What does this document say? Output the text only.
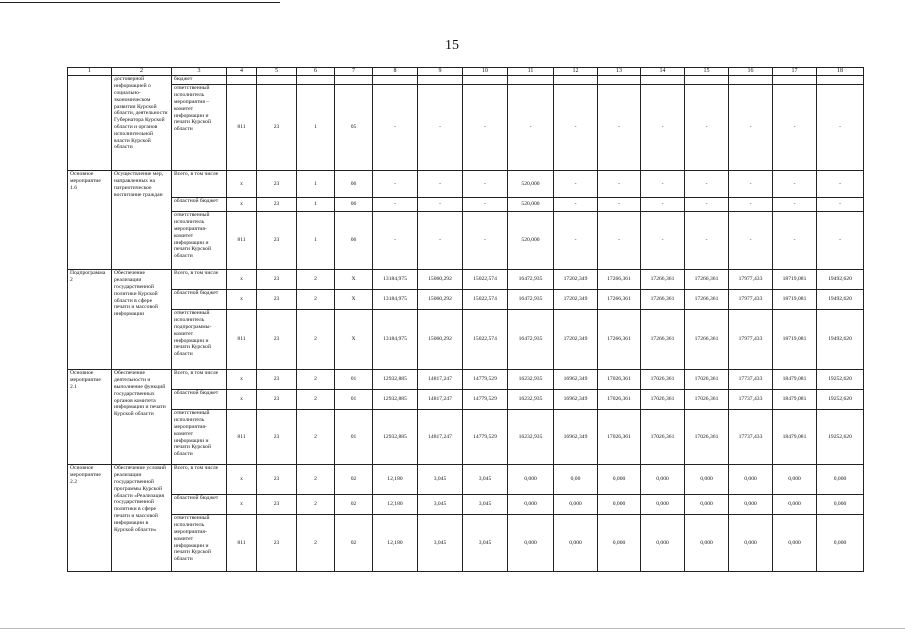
15
1	2	3	4	5	6	7	8	9	10	11	12	13	14	15	16	17	18
	достоверной информацией о социально-экономическом развитии Курской области, деятельности Губернатора Курской области и органов исполнительной власти Курской области	бюджет															
		ответственный исполнитель мероприятия – комитет информации и печати Курской области	811	23	1	05	-	-	-	-	-	-	-	-	-	-	-
Основное мероприятие 1.6	Осуществление мер, направленных на патриотическое воспитание граждан	Всего, в том числе	х	23	1	06	-	-	-	520,000	-	-	-	-	-	-	-
		областной бюджет	х	23	1	06	-	-	-	520,000	-	-	-	-	-	-	-
		ответственный исполнитель мероприятия-комитет информации и печати Курской области	811	23	1	06	-	-	-	520,000	-	-	-	-	-	-	-
Подпрограмма 2	Обеспечение реализации государственной политики Курской области в сфере печати и массовой информации	Всего, в том числе	х	23	2	Х	13184,975	15060,292	15022,574	16472,935	17202,349	17266,361	17266,361	17266,361	17977,433	18719,081	19492,620
		областной бюджет	х	23	2	Х	13184,975	15060,292	15022,574	16472,935	17202,349	17266,361	17266,361	17266,361	17977,433	18719,081	19492,620
		ответственный исполнитель подпрограммы-комитет информации и печати Курской области	811	23	2	Х	13184,975	15060,292	15022,574	16472,935	17202,349	17266,361	17266,361	17266,361	17977,433	18719,081	19492,620
Основное мероприятие 2.1	Обеспечение деятельности и выполнение функций государственных органов комитета информации и печати Курской области	Всего, в том числе	х	23	2	01	12932,885	14817,247	14779,529	16232,935	16962,349	17026,361	17026,361	17026,361	17737,433	18479,081	19252,620
		областной бюджет	х	23	2	01	12932,885	14817,247	14779,529	16232,935	16962,349	17026,361	17026,361	17026,361	17737,433	18479,081	19252,620
		ответственный исполнитель мероприятия-комитет информации и печати Курской области	811	23	2	01	12932,885	14817,247	14779,529	16232,935	16962,349	17026,361	17026,361	17026,361	17737,433	18479,081	19252,620
Основное мероприятие 2.2	Обеспечение условий реализации государственной программы Курской области «Реализация государственной политики в сфере печати и массовой информации в Курской области»	Всего, в том числе	х	23	2	02	12,180	3,045	3,045	0,000	0,00	0,000	0,000	0,000	0,000	0,000	0,000
		областной бюджет	х	23	2	02	12,180	3,045	3,045	0,000	0,000	0,000	0,000	0,000	0,000	0,000	0,000
		ответственный исполнитель мероприятия-комитет информации и печати Курской области	811	23	2	02	12,180	3,045	3,045	0,000	0,000	0,000	0,000	0,000	0,000	0,000	0,000
